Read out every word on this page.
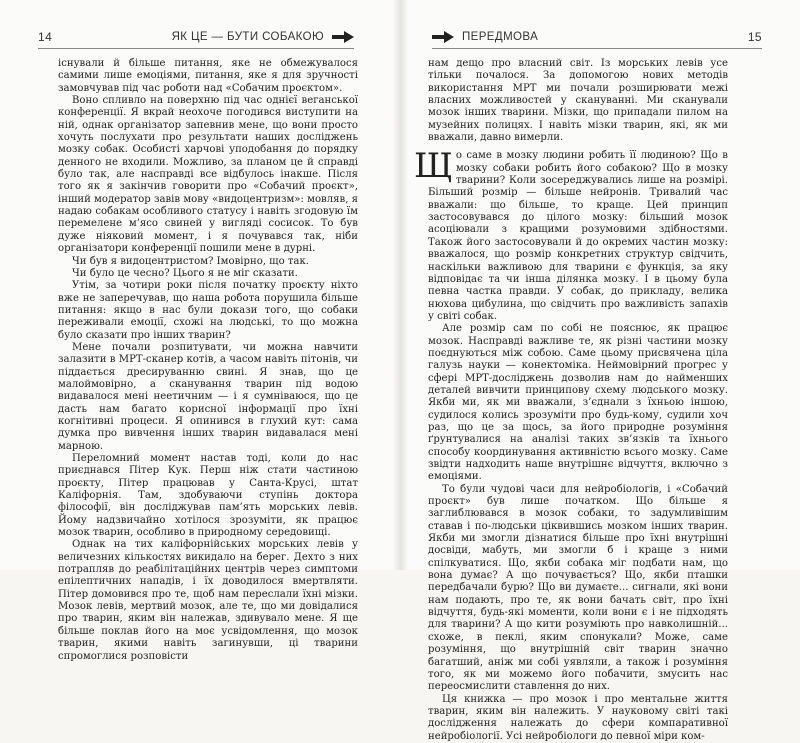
14	ЯК ЦЕ — БУТИ СОБАКОЮ

існували й більше питання, яке не обмежувалося самими лише емоціями, питання, яке я для зручності замовчував під час роботи над «Собачим проєктом».

Воно спливло на поверхню під час однієї веганської конференції. Я вкрай неохоче погодився виступити на ній, однак організатор запевнив мене, що вони просто хочуть послухати про результати наших досліджень мозку собак. Особисті харчові уподобання до порядку денного не входили. Можливо, за планом це й справді було так, але насправді все відбулось інакше. Після того як я закінчив говорити про «Собачий проєкт», інший модератор завів мову «видоцентризм»: мовляв, я надаю собакам особливого статусу і навіть згодовую їм перемелене м’ясо свиней у вигляді сосисок. То був дуже ніяковий момент, і я почувався так, ніби організатори конференції пошили мене в дурні.

Чи був я видоцентристом? Імовірно, що так.

Чи було це чесно? Цього я не міг сказати.

Утім, за чотири роки після початку проєкту ніхто вже не заперечував, що наша робота порушила більше питання: якщо в нас були докази того, що собаки переживали емоції, схожі на людські, то що можна було сказати про інших тварин?

Мене почали розпитувати, чи можна навчити залазити в МРТ-сканер котів, а часом навіть пітонів, чи піддається дресируванню свині. Я знав, що це малоймовірно, а сканування тварин під водою видавалося мені неетичним — і я сумніваюся, що це дасть нам багато корисної інформації про їхні когнітивні процеси. Я опинився в глухий кут: сама думка про вивчення інших тварин видавалася мені марною.

Переломний момент настав тоді, коли до нас приєднався Пітер Кук. Перш ніж стати частиною проєкту, Пітер працював у Санта-Крусі, штат Каліфорнія. Там, здобуваючи ступінь доктора філософії, він досліджував пам’ять морських левів. Йому надзвичайно хотілося зрозуміти, як працює мозок тварин, особливо в природному середовищі.

Однак на тих каліфорнійських морських левів у величезних кількостях викидало на берег. Дехто з них потрапляв до реабілітаційних центрів через симптоми епілептичних нападів, і їх доводилося вмертвляти. Пітер домовився про те, щоб нам переслали їхні мізки. Мозок левів, мертвий мозок, але те, що ми довідалися про тварин, яким він належав, здивувало мене. Я ще більше поклав його на моє усвідомлення, що мозок тварин, якими навіть загинувши, ці тварини спромоглися розповісти

ПЕРЕДМОВА	15

нам дещо про власний світ. Із морських левів усе тільки почалося. За допомогою нових методів використання МРТ ми почали розширювати межі власних можливостей у скануванні. Ми сканували мозок інших тварини. Мізки, що припадали пилом на музейних полицях. І навіть мізки тварин, які, як ми вважали, давно вимерли.

Що саме в мозку людини робить її людиною? Що в мозку собаки робить його собакою? Що в мозку тварини? Коли зосереджувались лише на розмірі. Більший розмір — більше нейронів. Тривалий час вважали: що більше, то краще. Цей принцип застосовувався до цілого мозку: більший мозок асоціювали з кращими розумовими здібностями. Також його застосовували й до окремих частин мозку: вважалося, що розмір конкретних структур свідчить, наскільки важливою для тварини є функція, за яку відповідає та чи інша ділянка мозку. І в цьому була певна частка правди. У собак, до прикладу, велика нюхова цибулина, що свідчить про важливість запахів у світі собак.

Але розмір сам по собі не пояснює, як працює мозок. Насправді важливе те, як різні частини мозку поєднуються між собою. Саме цьому присвячена ціла галузь науки — конектоміка. Неймовірний прогрес у сфері МРТ-досліджень дозволив нам до найменших деталей вивчити принципову схему людського мозку. Якби ми, як ми вважали, з’єднали з їхньою іншою, судилося колись зрозуміти про будь-кому, судили хоч раз, що це за щось, за його природне розуміння ґрунтувалися на аналізі таких зв’язків та їхнього способу координування активністю всього мозку. Саме звідти надходить наше внутрішнє відчуття, включно з емоціями.

То були чудові часи для нейробіологів, і «Собачий проєкт» був лише початком. Що більше я заглиблювався в мозок собаки, то задумливішим ставав і по-людськи ціквившись мозком інших тварин. Якби ми змогли дізнатися більше про їхні внутрішні досвіди, мабуть, ми змогли б і краще з ними спілкуватися. Що, якби собака міг подбати нам, що вона думає? А що почувається? Що, якби пташки передбачали бурю? Що ви думаєте... сигнали, які вони нам подають, про те, як вони бачать світ, про їхні відчуття, будь-які моменти, коли вони є і не підходять для тварини? А що кити розуміють про навколишній... схоже, в пеклі, яким спонукали? Може, саме розуміння, що внутрішній світ тварин значно багатший, аніж ми собі уявляли, а також і розуміння того, як ми можемо його побачити, змусить нас переосмислити ставлення до них.

Ця книжка — про мозок і про ментальне життя тварин, яким він належить. У науковому світі такі дослідження належать до сфери компаративної нейробіології. Усі нейробіологи до певної міри ком-
